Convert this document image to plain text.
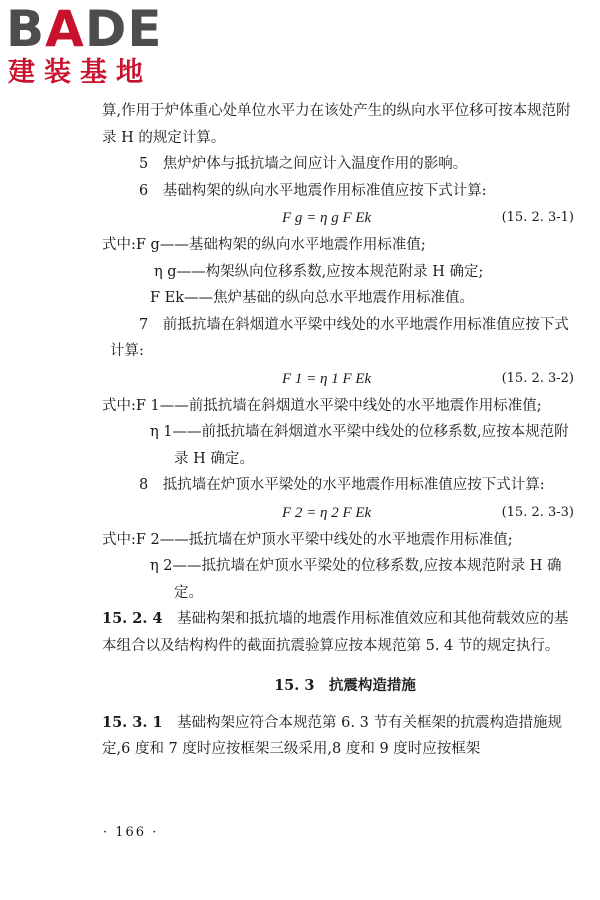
BADE
建装基地

算,作用于炉体重心处单位水平力在该处产生的纵向水平位移可按本规范附录 H 的规定计算。

5　焦炉炉体与抵抗墙之间应计入温度作用的影响。

6　基础构架的纵向水平地震作用标准值应按下式计算:

F g = η g F Ek	(15. 2. 3-1)

式中:F g——基础构架的纵向水平地震作用标准值;

η g——构架纵向位移系数,应按本规范附录 H 确定;

F Ek——焦炉基础的纵向总水平地震作用标准值。

7　前抵抗墙在斜烟道水平梁中线处的水平地震作用标准值应按下式计算:

F 1 = η 1 F Ek	(15. 2. 3-2)

式中:F 1——前抵抗墙在斜烟道水平梁中线处的水平地震作用标准值;

η 1——前抵抗墙在斜烟道水平梁中线处的位移系数,应按本规范附录 H 确定。

8　抵抗墙在炉顶水平梁处的水平地震作用标准值应按下式计算:

F 2 = η 2 F Ek	(15. 2. 3-3)

式中:F 2——抵抗墙在炉顶水平梁中线处的水平地震作用标准值;

η 2——抵抗墙在炉顶水平梁处的位移系数,应按本规范附录 H 确定。

15. 2. 4　 基础构架和抵抗墙的地震作用标准值效应和其他荷载效应的基本组合以及结构构件的截面抗震验算应按本规范第 5. 4 节的规定执行。

15. 3　抗震构造措施

15. 3. 1　 基础构架应符合本规范第 6. 3 节有关框架的抗震构造措施规定,6 度和 7 度时应按框架三级采用,8 度和 9 度时应按框架

· 166 ·
